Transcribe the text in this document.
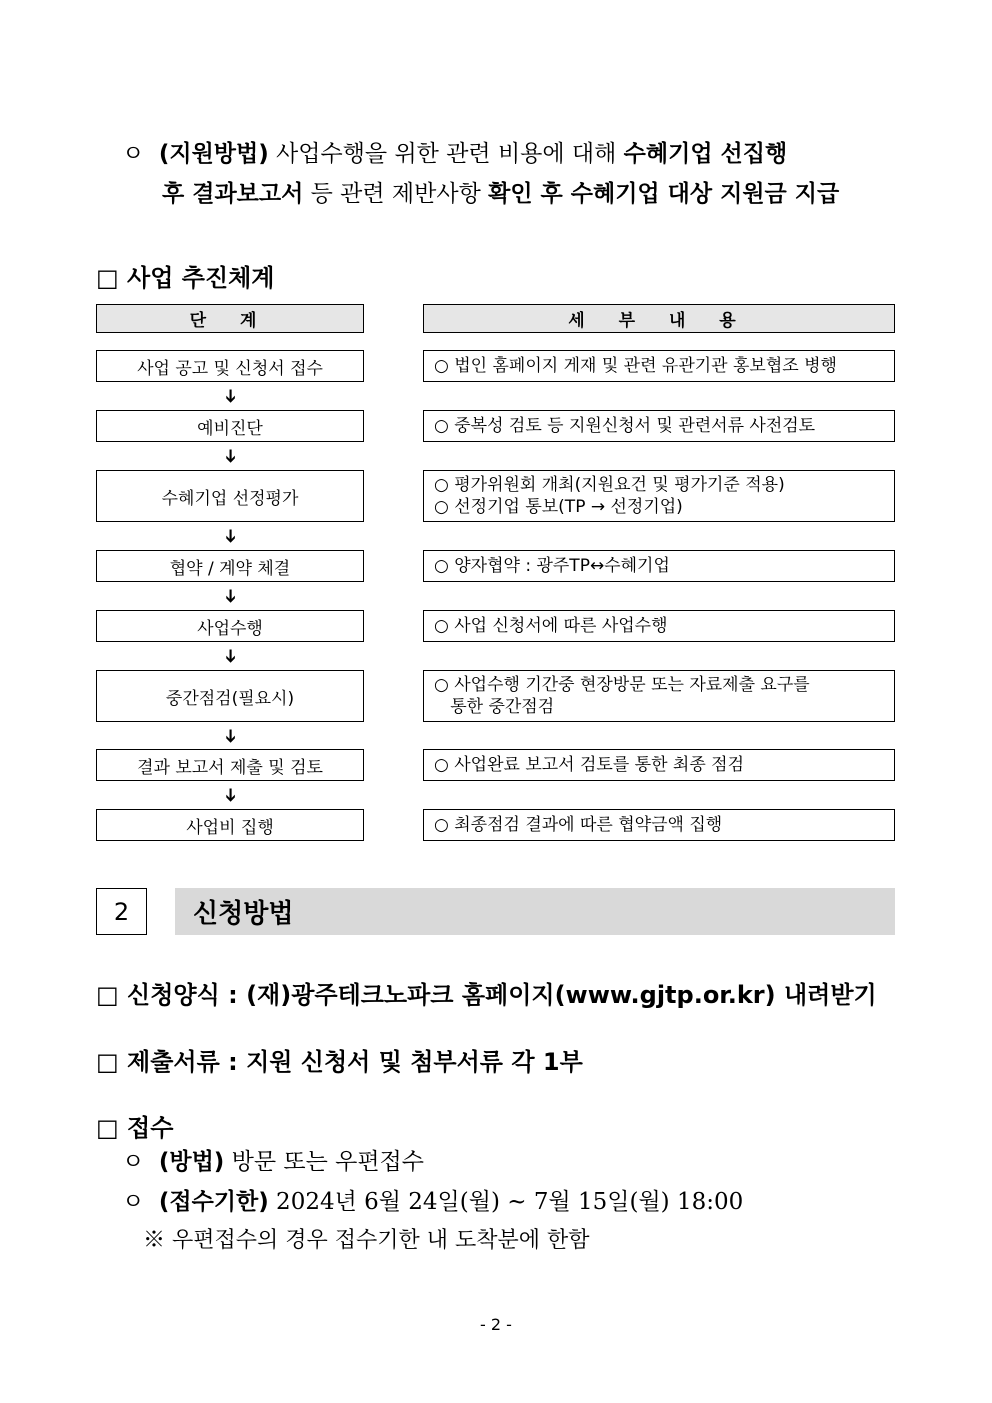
ㅇ (지원방법) 사업수행을 위한 관련 비용에 대해 수혜기업 선집행
후 결과보고서 등 관련 제반사항 확인 후 수혜기업 대상 지원금 지급
□ 사업 추진체계
단 계	세 부 내 용
사업 공고 및 신청서 접수	○ 법인 홈페이지 게재 및 관련 유관기관 홍보협조 병행
➔
예비진단	○ 중복성 검토 등 지원신청서 및 관련서류 사전검토
➔
수혜기업 선정평가
○ 평가위원회 개최(지원요건 및 평가기준 적용)
○ 선정기업 통보(TP → 선정기업)
➔
협약 / 계약 체결	○ 양자협약 : 광주TP↔수혜기업
➔
사업수행	○ 사업 신청서에 따른 사업수행
➔
중간점검(필요시)
○ 사업수행 기간중 현장방문 또는 자료제출 요구를
통한 중간점검
➔
결과 보고서 제출 및 검토	○ 사업완료 보고서 검토를 통한 최종 점검
➔
사업비 집행	○ 최종점검 결과에 따른 협약금액 집행
2	신청방법
□ 신청양식 : (재)광주테크노파크 홈페이지(www.gjtp.or.kr) 내려받기
□ 제출서류 : 지원 신청서 및 첨부서류 각 1부
□ 접수
ㅇ (방법) 방문 또는 우편접수
ㅇ (접수기한) 2024년 6월 24일(월) ~ 7월 15일(월) 18:00
※ 우편접수의 경우 접수기한 내 도착분에 한함
- 2 -
